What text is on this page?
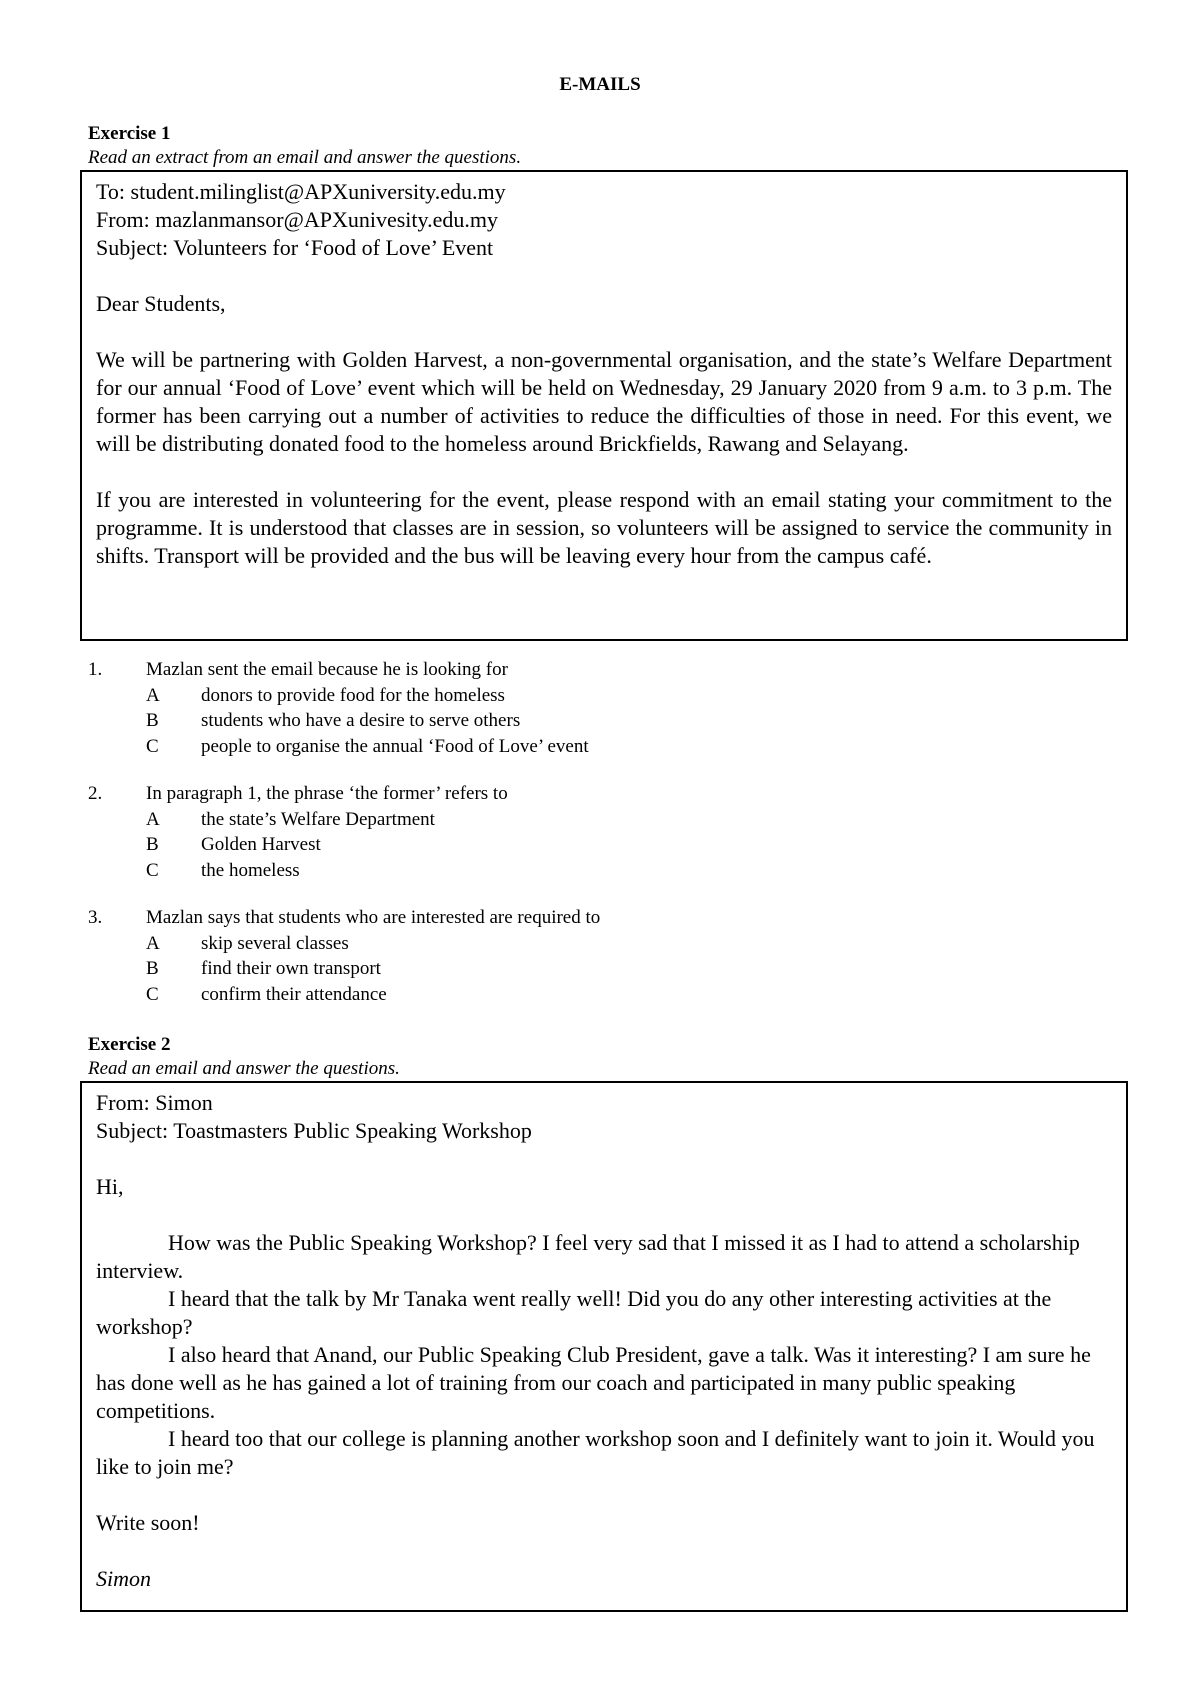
E-MAILS
Exercise 1
Read an extract from an email and answer the questions.

To: student.milinglist@APXuniversity.edu.my

From: mazlanmansor@APXunivesity.edu.my

Subject: Volunteers for ‘Food of Love’ Event

Dear Students,

We will be partnering with Golden Harvest, a non-governmental organisation, and the state’s Welfare Department for our annual ‘Food of Love’ event which will be held on Wednesday, 29 January 2020 from 9 a.m. to 3 p.m. The former has been carrying out a number of activities to reduce the difficulties of those in need. For this event, we will be distributing donated food to the homeless around Brickfields, Rawang and Selayang.

If you are interested in volunteering for the event, please respond with an email stating your commitment to the programme. It is understood that classes are in session, so volunteers will be assigned to service the community in shifts. Transport will be provided and the bus will be leaving every hour from the campus café.

1.	Mazlan sent the email because he is looking for
A	donors to provide food for the homeless
B	students who have a desire to serve others
C	people to organise the annual ‘Food of Love’ event
2.	In paragraph 1, the phrase ‘the former’ refers to
A	the state’s Welfare Department
B	Golden Harvest
C	the homeless
3.	Mazlan says that students who are interested are required to
A	skip several classes
B	find their own transport
C	confirm their attendance
Exercise 2
Read an email and answer the questions.

From: Simon

Subject: Toastmasters Public Speaking Workshop

Hi,

How was the Public Speaking Workshop? I feel very sad that I missed it as I had to attend a scholarship interview.

I heard that the talk by Mr Tanaka went really well! Did you do any other interesting activities at the workshop?

I also heard that Anand, our Public Speaking Club President, gave a talk. Was it interesting? I am sure he has done well as he has gained a lot of training from our coach and participated in many public speaking competitions.

I heard too that our college is planning another workshop soon and I definitely want to join it. Would you like to join me?

Write soon!

Simon
